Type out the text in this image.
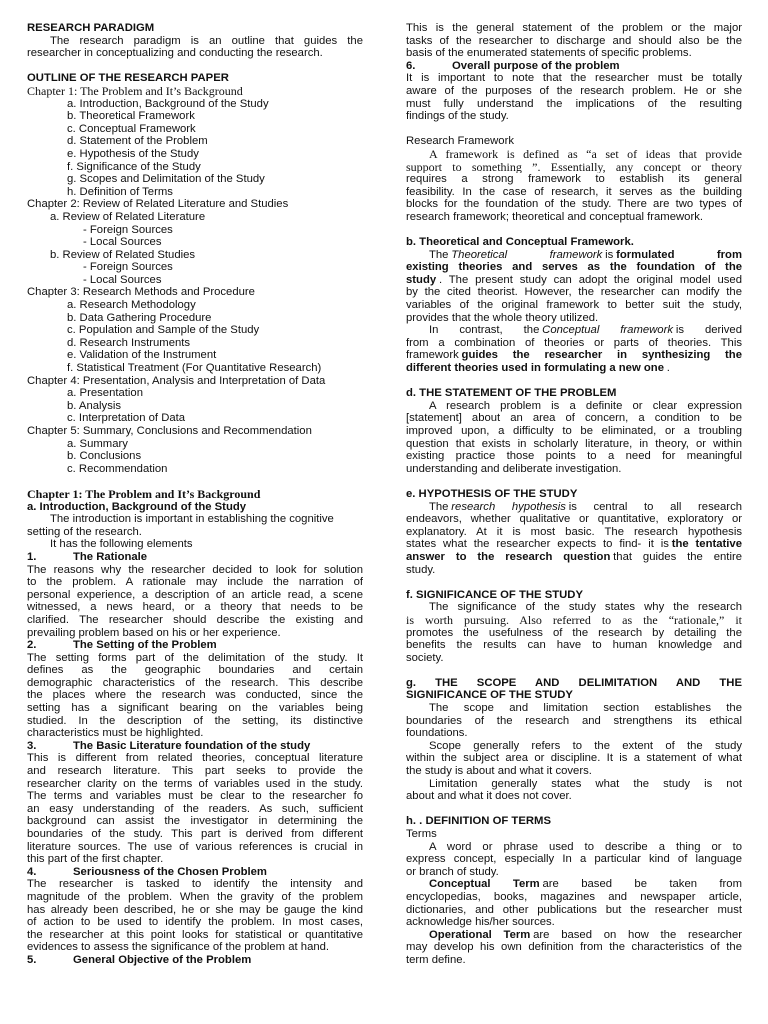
RESEARCH PARADIGM
The research paradigm is an outline that guides the
researcher in conceptualizing and conducting the research.
OUTLINE OF THE RESEARCH PAPER
Chapter 1: The Problem and It’s Background
a. Introduction, Background of the Study
b. Theoretical Framework
c. Conceptual Framework
d. Statement of the Problem
e. Hypothesis of the Study
f. Significance of the Study
g. Scopes and Delimitation of the Study
h. Definition of Terms
Chapter 2: Review of Related Literature and Studies
a. Review of Related Literature
- Foreign Sources
- Local Sources
b. Review of Related Studies
- Foreign Sources
- Local Sources
Chapter 3: Research Methods and Procedure
a. Research Methodology
b. Data Gathering Procedure
c. Population and Sample of the Study
d. Research Instruments
e. Validation of the Instrument
f. Statistical Treatment (For Quantitative Research)
Chapter 4: Presentation, Analysis and Interpretation of Data
a. Presentation
b. Analysis
c. Interpretation of Data
Chapter 5: Summary, Conclusions and Recommendation
a. Summary
b. Conclusions
c. Recommendation
Chapter 1: The Problem and It’s Background
a. Introduction, Background of the Study
The introduction is important in establishing the cognitive
setting of the research.
It has the following elements
1.	The Rationale
The reasons why the researcher decided to look for solution
to the problem. A rationale may include the narration of
personal experience, a description of an article read, a scene
witnessed, a news heard, or a theory that needs to be
clarified. The researcher should describe the existing and
prevailing problem based on his or her experience.
2.	The Setting of the Problem
The setting forms part of the delimitation of the study. It
defines as the geographic boundaries and certain
demographic characteristics of the research. This describe
the places where the research was conducted, since the
setting has a significant bearing on the variables being
studied. In the description of the setting, its distinctive
characteristics must be highlighted.
3.	The Basic Literature foundation of the study
This is different from related theories, conceptual literature
and research literature. This part seeks to provide the
researcher clarity on the terms of variables used in the study.
The terms and variables must be clear to the researcher fo
an easy understanding of the readers. As such, sufficient
background can assist the investigator in determining the
boundaries of the study. This part is derived from different
literature sources. The use of various references is crucial in
this part of the first chapter.
4.	Seriousness of the Chosen Problem
The researcher is tasked to identify the intensity and
magnitude of the problem. When the gravity of the problem
has already been described, he or she may be gauge the kind
of action to be used to identify the problem. In most cases,
the researcher at this point looks for statistical or quantitative
evidences to assess the significance of the problem at hand.
5.	General Objective of the Problem
This is the general statement of the problem or the major
tasks of the researcher to discharge and should also be the
basis of the enumerated statements of specific problems.
6.	Overall purpose of the problem
It is important to note that the researcher must be totally
aware of the purposes of the research problem. He or she
must fully understand the implications of the resulting
findings of the study.
Research Framework
A framework is defined as “a set of ideas that provide
support to something ”. Essentially, any concept or theory
requires a strong framework to establish its general
feasibility. In the case of research, it serves as the building
blocks for the foundation of the study. There are two types of
research framework; theoretical and conceptual framework.
b. Theoretical and Conceptual Framework.
The Theoretical framework is formulated from
existing theories and serves as the foundation of the
study . The present study can adopt the original model used
by the cited theorist. However, the researcher can modify the
variables of the original framework to better suit the study,
provides that the whole theory utilized.
In contrast, the Conceptual framework is derived
from a combination of theories or parts of theories. This
framework guides the researcher in synthesizing the
different theories used in formulating a new one .
d. THE STATEMENT OF THE PROBLEM
A research problem is a definite or clear expression
[statement] about an area of concern, a condition to be
improved upon, a difficulty to be eliminated, or a troubling
question that exists in scholarly literature, in theory, or within
existing practice those points to a need for meaningful
understanding and deliberate investigation.
e. HYPOTHESIS OF THE STUDY
The research hypothesis is central to all research
endeavors, whether qualitative or quantitative, exploratory or
explanatory. At it is most basic. The research hypothesis
states what the researcher expects to find- it is the tentative
answer to the research question that guides the entire
study.
f. SIGNIFICANCE OF THE STUDY
The significance of the study states why the research
is worth pursuing. Also referred to as the “rationale,” it
promotes the usefulness of the research by detailing the
benefits the results can have to human knowledge and
society.
g. THE SCOPE AND DELIMITATION AND THE
SIGNIFICANCE OF THE STUDY
The scope and limitation section establishes the
boundaries of the research and strengthens its ethical
foundations.
Scope generally refers to the extent of the study
within the subject area or discipline. It is a statement of what
the study is about and what it covers.
Limitation generally states what the study is not
about and what it does not cover.
h. . DEFINITION OF TERMS
Terms
A word or phrase used to describe a thing or to
express concept, especially In a particular kind of language
or branch of study.
Conceptual Term are based be taken from
encyclopedias, books, magazines and newspaper article,
dictionaries, and other publications but the researcher must
acknowledge his/her sources.
Operational Term are based on how the researcher
may develop his own definition from the characteristics of the
term define.
